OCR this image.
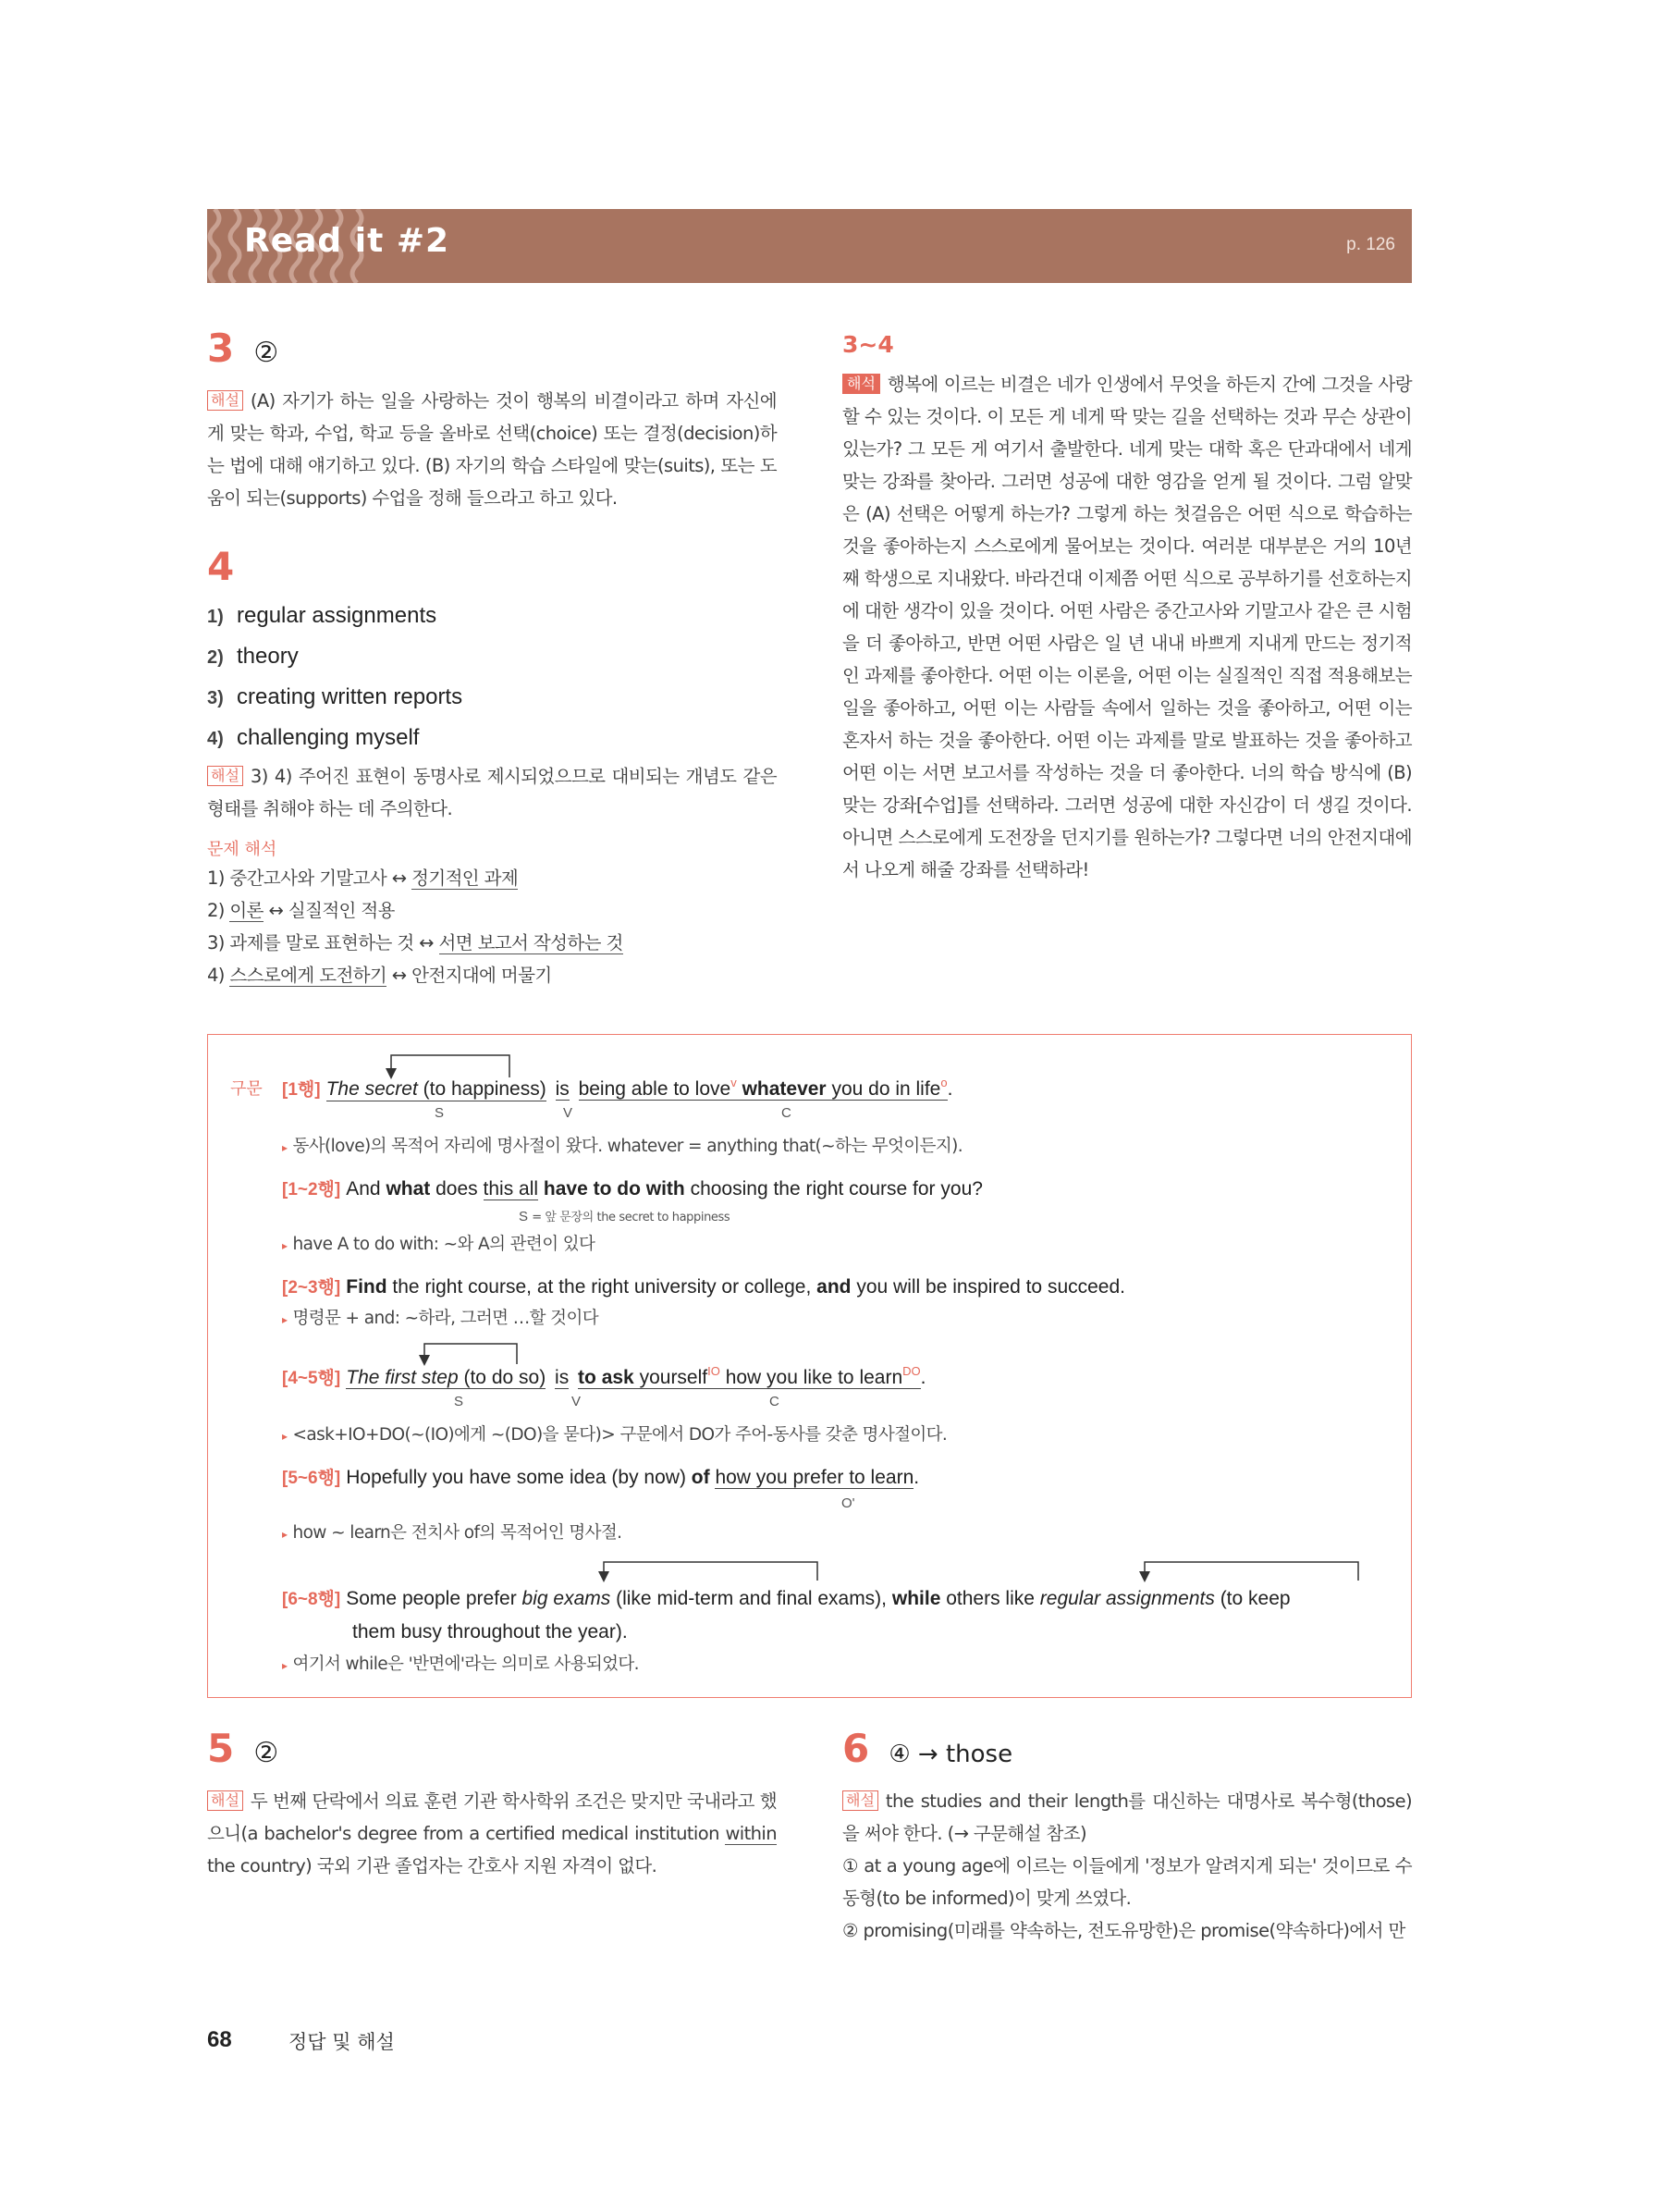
Read it #2	p. 126
3 ②
해설 (A) 자기가 하는 일을 사랑하는 것이 행복의 비결이라고 하며 자신에게 맞는 학과, 수업, 학교 등을 올바로 선택(choice) 또는 결정(decision)하는 법에 대해 얘기하고 있다. (B) 자기의 학습 스타일에 맞는(suits), 또는 도움이 되는(supports) 수업을 정해 들으라고 하고 있다.
4
1) regular assignments
2) theory
3) creating written reports
4) challenging myself
해설 3) 4) 주어진 표현이 동명사로 제시되었으므로 대비되는 개념도 같은 형태를 취해야 하는 데 주의한다.
문제 해석
1) 중간고사와 기말고사 ↔ 정기적인 과제
2) 이론 ↔ 실질적인 적용
3) 과제를 말로 표현하는 것 ↔ 서면 보고서 작성하는 것
4) 스스로에게 도전하기 ↔ 안전지대에 머물기
3~4
해석 행복에 이르는 비결은 네가 인생에서 무엇을 하든지 간에 그것을 사랑할 수 있는 것이다. 이 모든 게 네게 딱 맞는 길을 선택하는 것과 무슨 상관이 있는가? 그 모든 게 여기서 출발한다. 네게 맞는 대학 혹은 단과대에서 네게 맞는 강좌를 찾아라. 그러면 성공에 대한 영감을 얻게 될 것이다. 그럼 알맞은 (A) 선택은 어떻게 하는가? 그렇게 하는 첫걸음은 어떤 식으로 학습하는 것을 좋아하는지 스스로에게 물어보는 것이다. 여러분 대부분은 거의 10년째 학생으로 지내왔다. 바라건대 이제쯤 어떤 식으로 공부하기를 선호하는지에 대한 생각이 있을 것이다. 어떤 사람은 중간고사와 기말고사 같은 큰 시험을 더 좋아하고, 반면 어떤 사람은 일 년 내내 바쁘게 지내게 만드는 정기적인 과제를 좋아한다. 어떤 이는 이론을, 어떤 이는 실질적인 직접 적용해보는 일을 좋아하고, 어떤 이는 사람들 속에서 일하는 것을 좋아하고, 어떤 이는 혼자서 하는 것을 좋아한다. 어떤 이는 과제를 말로 발표하는 것을 좋아하고 어떤 이는 서면 보고서를 작성하는 것을 더 좋아한다. 너의 학습 방식에 (B) 맞는 강좌[수업]를 선택하라. 그러면 성공에 대한 자신감이 더 생길 것이다. 아니면 스스로에게 도전장을 던지기를 원하는가? 그렇다면 너의 안전지대에서 나오게 해줄 강좌를 선택하라!
구문 [1행] The secret (to happiness) is being able to love$^v$ whatever you do in life$^o$.
S	V	C
▸ 동사(love)의 목적어 자리에 명사절이 왔다. whatever = anything that(~하는 무엇이든지).
[1~2행] And what does this all have to do with choosing the right course for you?
S = 앞 문장의 the secret to happiness
▸ have A to do with: ~와 A의 관련이 있다
[2~3행] Find the right course, at the right university or college, and you will be inspired to succeed.
▸ 명령문 + and: ~하라, 그러면 …할 것이다
[4~5행] The first step (to do so) is to ask yourself$^{IO}$ how you like to learn$^{DO}$.
S	V	C
▸ <ask+IO+DO(~(IO)에게 ~(DO)을 묻다)> 구문에서 DO가 주어-동사를 갖춘 명사절이다.
[5~6행] Hopefully you have some idea (by now) of how you prefer to learn.
O'
▸ how ~ learn은 전치사 of의 목적어인 명사절.
[6~8행] Some people prefer big exams (like mid-term and final exams), while others like regular assignments (to keep
them busy throughout the year).
▸ 여기서 while은 '반면에'라는 의미로 사용되었다.
5 ②
해설 두 번째 단락에서 의료 훈련 기관 학사학위 조건은 맞지만 국내라고 했으니(a bachelor's degree from a certified medical institution within the country) 국외 기관 졸업자는 간호사 지원 자격이 없다.
6 ④ → those
해설 the studies and their length를 대신하는 대명사로 복수형(those)을 써야 한다. (→ 구문해설 참조)
① at a young age에 이르는 이들에게 '정보가 알려지게 되는' 것이므로 수동형(to be informed)이 맞게 쓰였다.
② promising(미래를 약속하는, 전도유망한)은 promise(약속하다)에서 만
68	정답 및 해설
